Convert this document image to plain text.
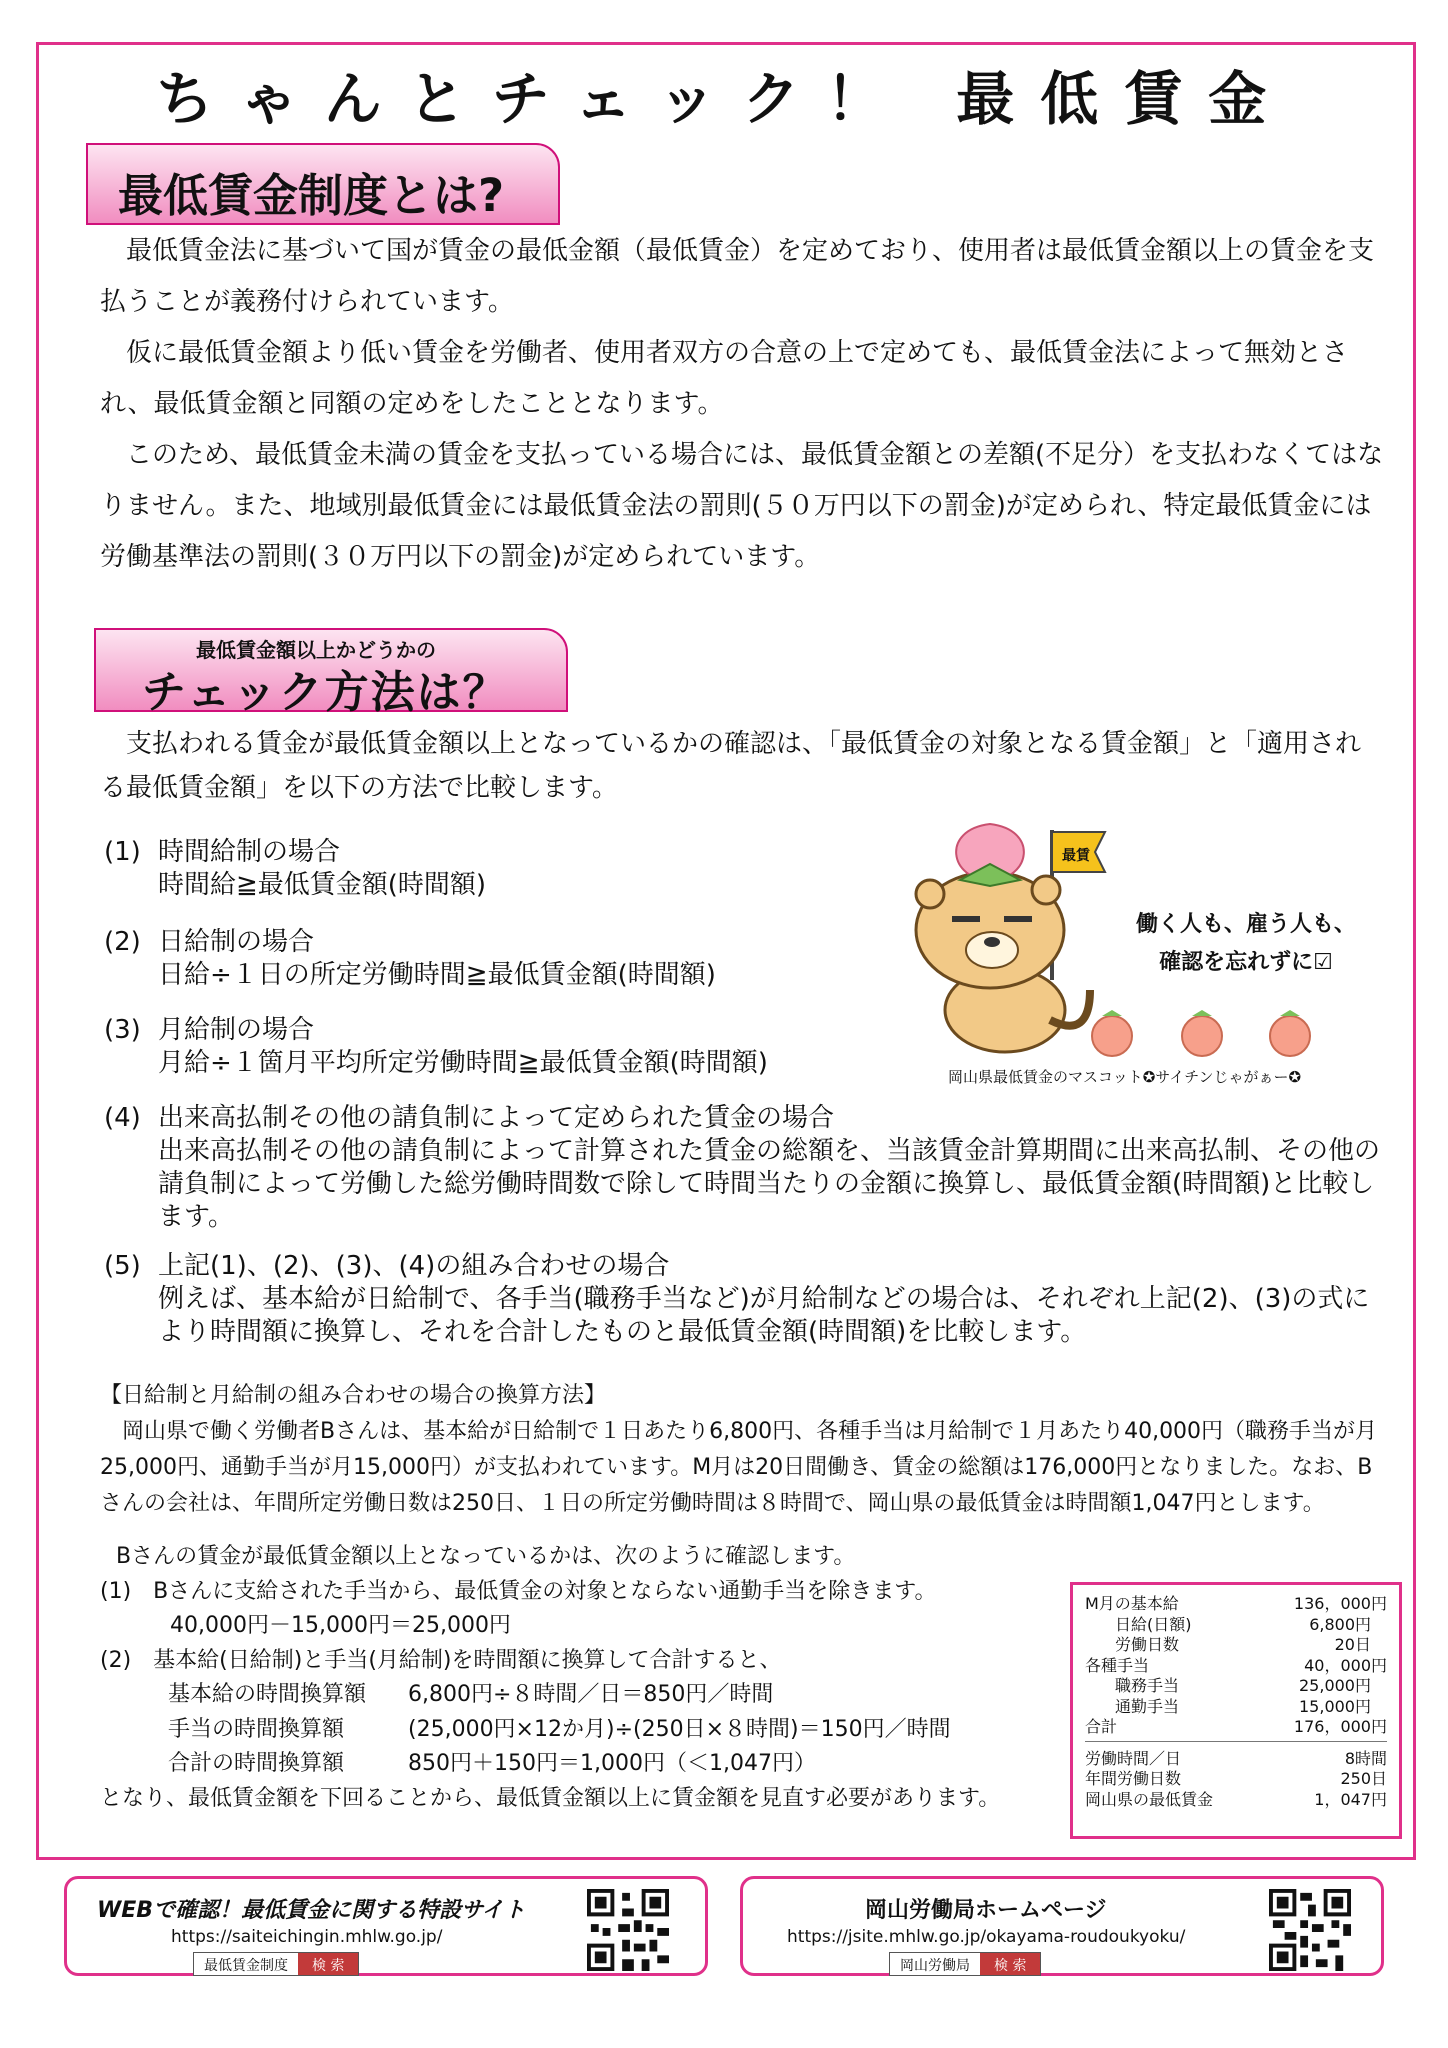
ちゃんとチェック！ 最低賃金
最低賃金制度とは?

最低賃金法に基づいて国が賃金の最低金額（最低賃金）を定めており、使用者は最低賃金額以上の賃金を支払うことが義務付けられています。

仮に最低賃金額より低い賃金を労働者、使用者双方の合意の上で定めても、最低賃金法によって無効とされ、最低賃金額と同額の定めをしたこととなります。

このため、最低賃金未満の賃金を支払っている場合には、最低賃金額との差額(不足分）を支払わなくてはなりません。また、地域別最低賃金には最低賃金法の罰則(５０万円以下の罰金)が定められ、特定最低賃金には労働基準法の罰則(３０万円以下の罰金)が定められています。

最低賃金額以上かどうかの
チェック方法は？

支払われる賃金が最低賃金額以上となっているかの確認は、「最低賃金の対象となる賃金額」と「適用される最低賃金額」を以下の方法で比較します。

(1) 時間給制の場合
時間給≧最低賃金額(時間額)
(2) 日給制の場合
日給÷１日の所定労働時間≧最低賃金額(時間額)
(3) 月給制の場合
月給÷１箇月平均所定労働時間≧最低賃金額(時間額)
(4) 出来高払制その他の請負制によって定められた賃金の場合
出来高払制その他の請負制によって計算された賃金の総額を、当該賃金計算期間に出来高払制、その他の請負制によって労働した総労働時間数で除して時間当たりの金額に換算し、最低賃金額(時間額)と比較します。
(5) 上記(1)、(2)、(3)、(4)の組み合わせの場合
例えば、基本給が日給制で、各手当(職務手当など)が月給制などの場合は、それぞれ上記(2)、(3)の式により時間額に換算し、それを合計したものと最低賃金額(時間額)を比較します。
最賃
働く人も、雇う人も、
確認を忘れずに☑
岡山県最低賃金のマスコット✪サイチンじゃがぁー✪
【日給制と月給制の組み合わせの場合の換算方法】
岡山県で働く労働者Bさんは、基本給が日給制で１日あたり6,800円、各種手当は月給制で１月あたり40,000円（職務手当が月25,000円、通勤手当が月15,000円）が支払われています。M月は20日間働き、賃金の総額は176,000円となりました。なお、Bさんの会社は、年間所定労働日数は250日、１日の所定労働時間は８時間で、岡山県の最低賃金は時間額1,047円とします。
Bさんの賃金が最低賃金額以上となっているかは、次のように確認します。
(1)　Bさんに支給された手当から、最低賃金の対象とならない通勤手当を除きます。
40,000円－15,000円＝25,000円
(2)　基本給(日給制)と手当(月給制)を時間額に換算して合計すると、
基本給の時間換算額 6,800円÷８時間／日＝850円／時間
手当の時間換算額	(25,000円×12か月)÷(250日×８時間)＝150円／時間
合計の時間換算額	850円＋150円＝1,000円（＜1,047円）
となり、最低賃金額を下回ることから、最低賃金額以上に賃金額を見直す必要があります。
M月の基本給	136，000円
日給(日額)	6,800円
労働日数	20日
各種手当	40，000円
職務手当	25,000円
通勤手当	15,000円
合計	176，000円
労働時間／日	8時間
年間労働日数	250日
岡山県の最低賃金	1，047円
WEBで確認！最低賃金に関する特設サイト
https://saiteichingin.mhlw.go.jp/
最低賃金制度	検 索
岡山労働局ホームページ
https://jsite.mhlw.go.jp/okayama-roudoukyoku/
岡山労働局	検 索
